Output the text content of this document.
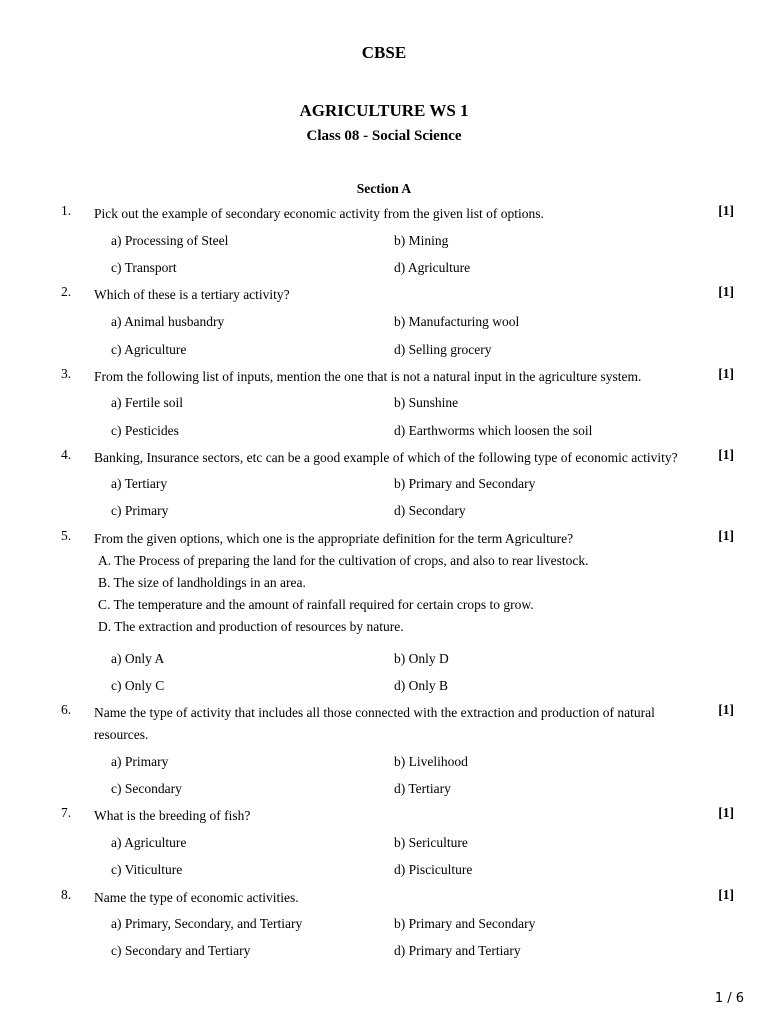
CBSE
AGRICULTURE WS 1
Class 08 - Social Science
Section A
1. Pick out the example of secondary economic activity from the given list of options.	[1]
a) Processing of Steel	b) Mining
c) Transport	d) Agriculture
2. Which of these is a tertiary activity?	[1]
a) Animal husbandry	b) Manufacturing wool
c) Agriculture	d) Selling grocery
3. From the following list of inputs, mention the one that is not a natural input in the agriculture system.	[1]
a) Fertile soil	b) Sunshine
c) Pesticides	d) Earthworms which loosen the soil
4. Banking, Insurance sectors, etc can be a good example of which of the following type of economic activity?	[1]
a) Tertiary	b) Primary and Secondary
c) Primary	d) Secondary
5. From the given options, which one is the appropriate definition for the term Agriculture?	[1]
A. The Process of preparing the land for the cultivation of crops, and also to rear livestock.
B. The size of landholdings in an area.
C. The temperature and the amount of rainfall required for certain crops to grow.
D. The extraction and production of resources by nature.
a) Only A	b) Only D
c) Only C	d) Only B
6. Name the type of activity that includes all those connected with the extraction and production of natural resources.
[1]
a) Primary	b) Livelihood
c) Secondary	d) Tertiary
7. What is the breeding of fish?	[1]
a) Agriculture	b) Sericulture
c) Viticulture	d) Pisciculture
8. Name the type of economic activities.	[1]
a) Primary, Secondary, and Tertiary	b) Primary and Secondary
c) Secondary and Tertiary	d) Primary and Tertiary
1 / 6
